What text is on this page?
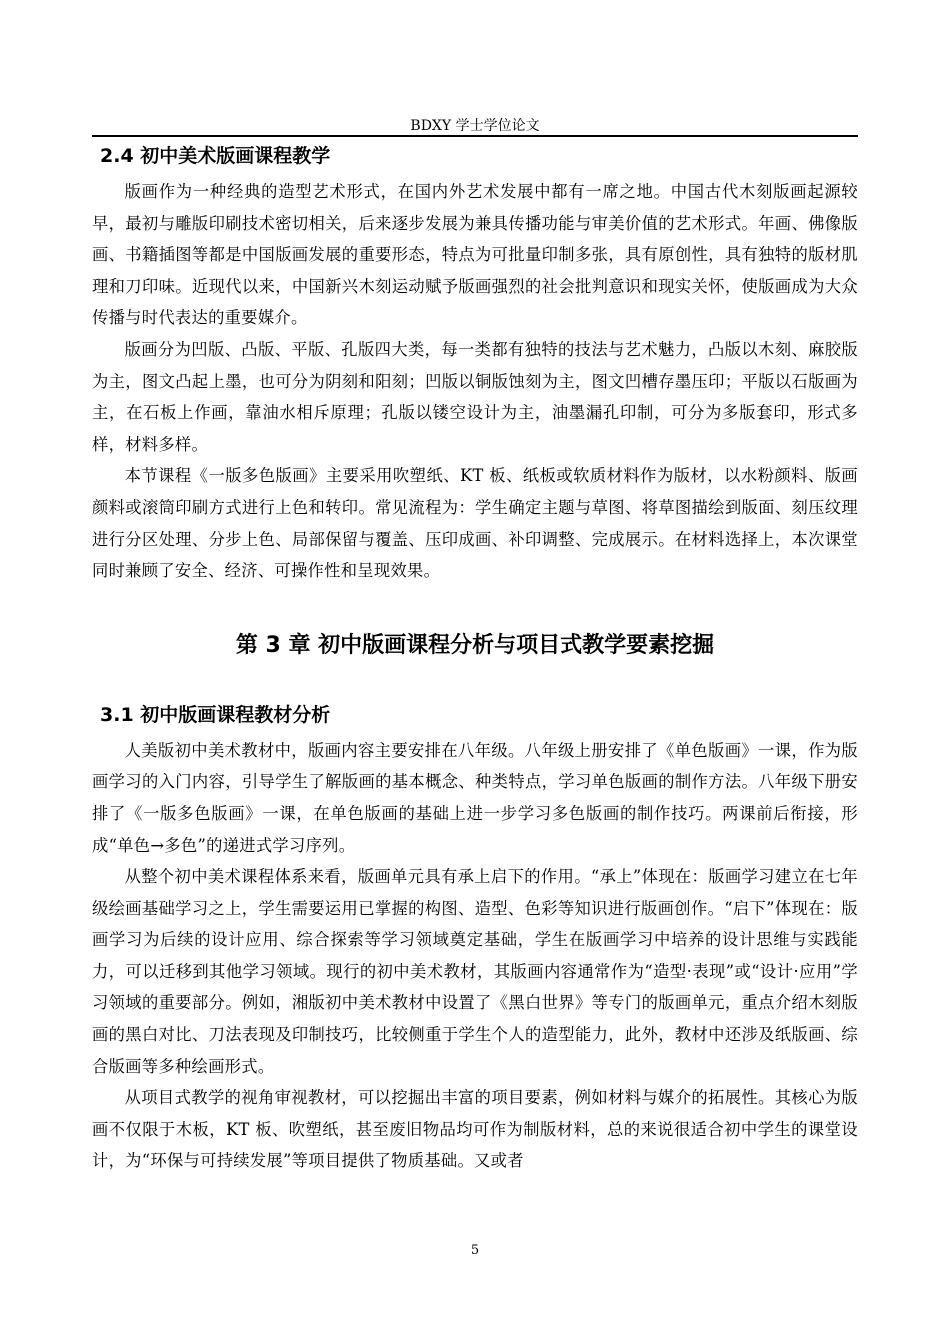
BDXY 学士学位论文
2.4 初中美术版画课程教学

版画作为一种经典的造型艺术形式，在国内外艺术发展中都有一席之地。中国古代木刻版画起源较早，最初与雕版印刷技术密切相关，后来逐步发展为兼具传播功能与审美价值的艺术形式。年画、佛像版画、书籍插图等都是中国版画发展的重要形态，特点为可批量印制多张，具有原创性，具有独特的版材肌理和刀印味。近现代以来，中国新兴木刻运动赋予版画强烈的社会批判意识和现实关怀，使版画成为大众传播与时代表达的重要媒介。

版画分为凹版、凸版、平版、孔版四大类，每一类都有独特的技法与艺术魅力，凸版以木刻、麻胶版为主，图文凸起上墨，也可分为阴刻和阳刻；凹版以铜版蚀刻为主，图文凹槽存墨压印；平版以石版画为主，在石板上作画，靠油水相斥原理；孔版以镂空设计为主，油墨漏孔印制，可分为多版套印，形式多样，材料多样。

本节课程《一版多色版画》主要采用吹塑纸、KT 板、纸板或软质材料作为版材，以水粉颜料、版画颜料或滚筒印刷方式进行上色和转印。常见流程为：学生确定主题与草图、将草图描绘到版面、刻压纹理进行分区处理、分步上色、局部保留与覆盖、压印成画、补印调整、完成展示。在材料选择上，本次课堂同时兼顾了安全、经济、可操作性和呈现效果。

第 3 章 初中版画课程分析与项目式教学要素挖掘
3.1 初中版画课程教材分析

人美版初中美术教材中，版画内容主要安排在八年级。八年级上册安排了《单色版画》一课，作为版画学习的入门内容，引导学生了解版画的基本概念、种类特点，学习单色版画的制作方法。八年级下册安排了《一版多色版画》一课，在单色版画的基础上进一步学习多色版画的制作技巧。两课前后衔接，形成“单色→多色”的递进式学习序列。

从整个初中美术课程体系来看，版画单元具有承上启下的作用。“承上”体现在：版画学习建立在七年级绘画基础学习之上，学生需要运用已掌握的构图、造型、色彩等知识进行版画创作。“启下”体现在：版画学习为后续的设计应用、综合探索等学习领域奠定基础，学生在版画学习中培养的设计思维与实践能力，可以迁移到其他学习领域。现行的初中美术教材，其版画内容通常作为“造型·表现”或“设计·应用”学习领域的重要部分。例如，湘版初中美术教材中设置了《黑白世界》等专门的版画单元，重点介绍木刻版画的黑白对比、刀法表现及印制技巧，比较侧重于学生个人的造型能力，此外，教材中还涉及纸版画、综合版画等多种绘画形式。

从项目式教学的视角审视教材，可以挖掘出丰富的项目要素，例如材料与媒介的拓展性。其核心为版画不仅限于木板，KT 板、吹塑纸，甚至废旧物品均可作为制版材料，总的来说很适合初中学生的课堂设计，为“环保与可持续发展”等项目提供了物质基础。又或者

5
